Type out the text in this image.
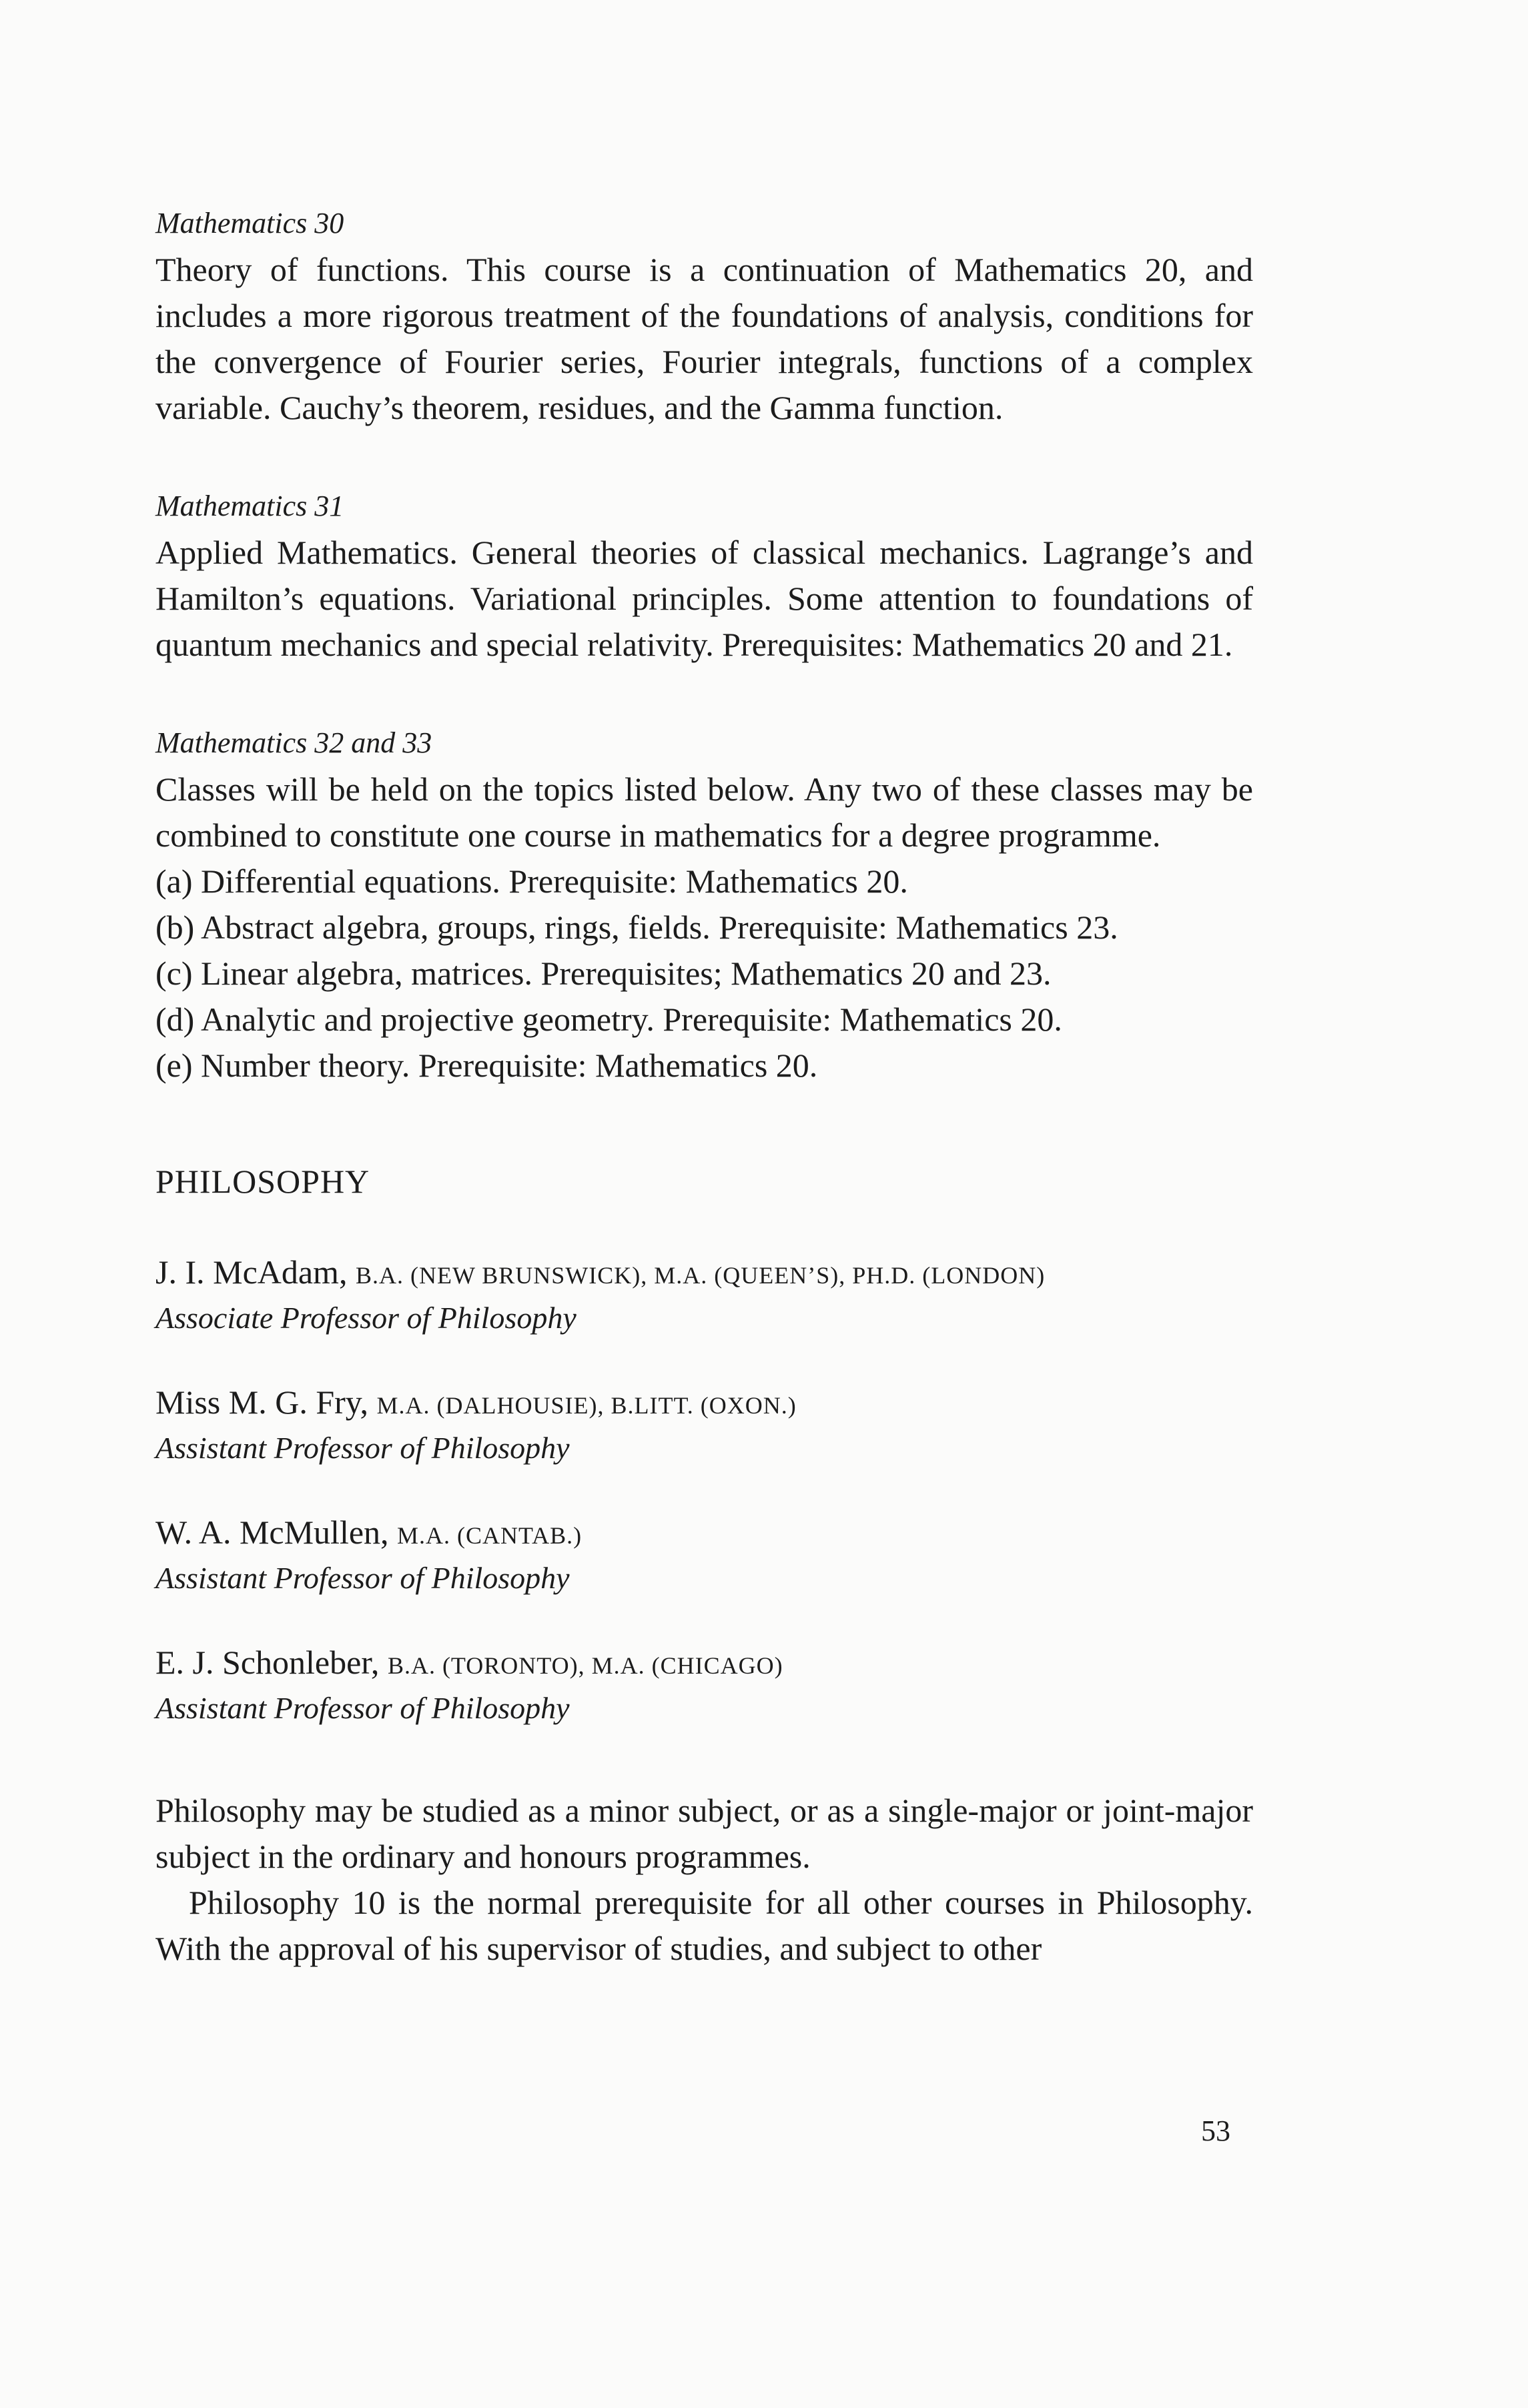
Mathematics 30

Theory of functions. This course is a continuation of Mathematics 20, and includes a more rigorous treatment of the foundations of analysis, conditions for the convergence of Fourier series, Fourier integrals, functions of a complex variable. Cauchy’s theorem, residues, and the Gamma function.

Mathematics 31

Applied Mathematics. General theories of classical mechanics. Lagrange’s and Hamilton’s equations. Variational principles. Some attention to foundations of quantum mechanics and special relativity. Prerequisites: Mathematics 20 and 21.

Mathematics 32 and 33

Classes will be held on the topics listed below. Any two of these classes may be combined to constitute one course in mathematics for a degree programme.

(a) Differential equations. Prerequisite: Mathematics 20.
(b) Abstract algebra, groups, rings, fields. Prerequisite: Mathematics 23.
(c) Linear algebra, matrices. Prerequisites; Mathematics 20 and 23.
(d) Analytic and projective geometry. Prerequisite: Mathematics 20.
(e) Number theory. Prerequisite: Mathematics 20.
PHILOSOPHY

J. I. McAdam, B.A. (NEW BRUNSWICK), M.A. (QUEEN’S), PH.D. (LONDON)

Associate Professor of Philosophy

Miss M. G. Fry, M.A. (DALHOUSIE), B.LITT. (OXON.)

Assistant Professor of Philosophy

W. A. McMullen, M.A. (CANTAB.)

Assistant Professor of Philosophy

E. J. Schonleber, B.A. (TORONTO), M.A. (CHICAGO)

Assistant Professor of Philosophy

Philosophy may be studied as a minor subject, or as a single-major or joint-major subject in the ordinary and honours programmes.

Philosophy 10 is the normal prerequisite for all other courses in Philosophy. With the approval of his supervisor of studies, and subject to other

53
